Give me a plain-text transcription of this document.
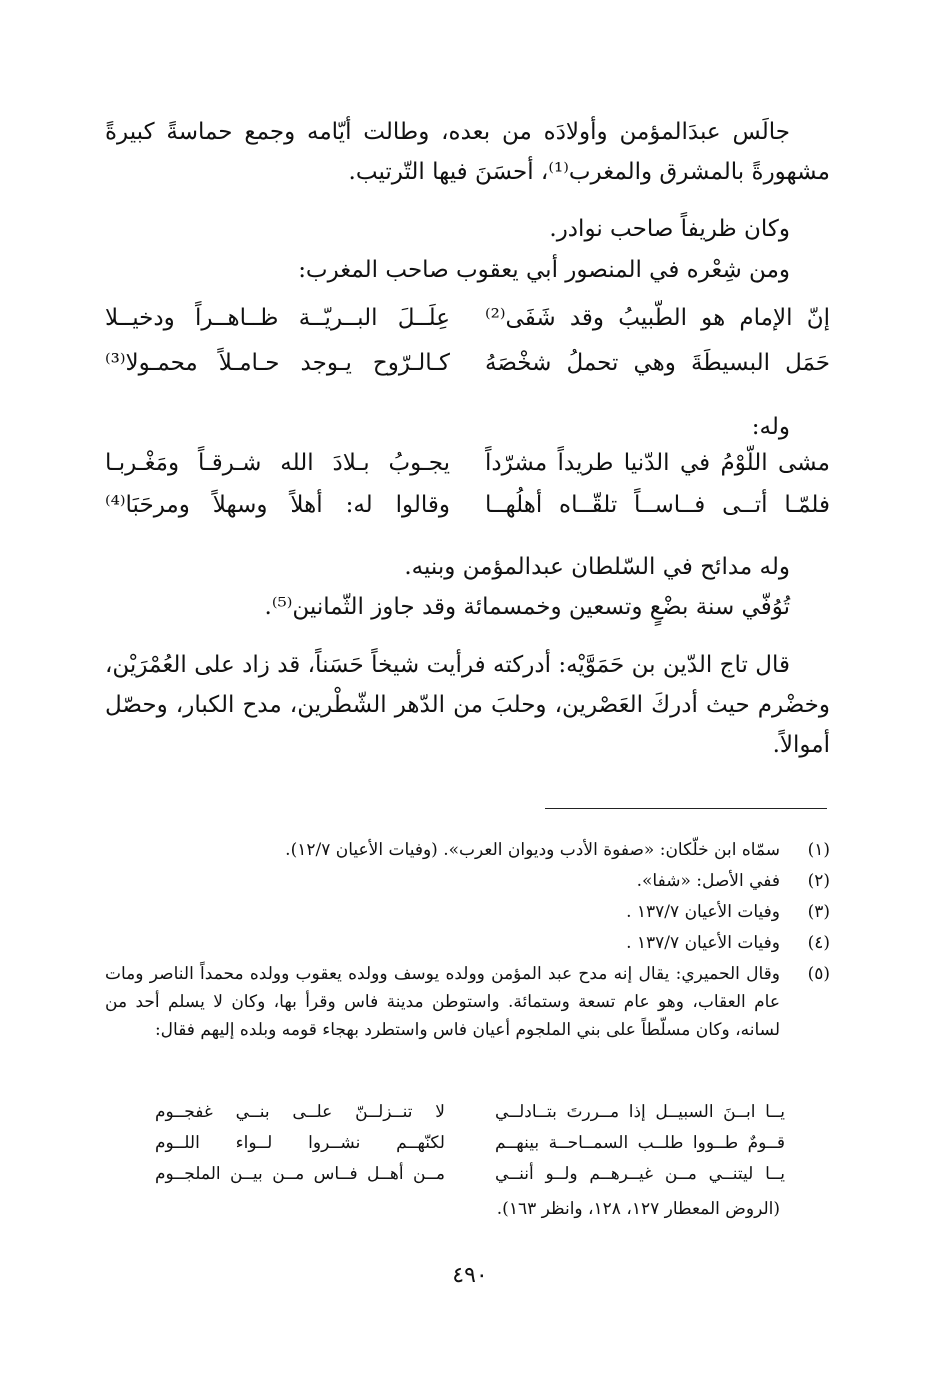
جالَس عبدَالمؤمن وأولادَه من بعده، وطالت أيّامه وجمع حماسةً كبيرةً مشهورةً بالمشرق والمغرب⁽¹⁾، أحسَنَ فيها التّرتيب.
وكان ظريفاً صاحب نوادر.
ومن شِعْره في المنصور أبي يعقوب صاحب المغرب:
إنّ الإمام هو الطّبيبُ وقد شَفَى⁽²⁾
عِلَــلَ البــريّــة ظــاهــراً ودخيــلا
حَمَل البسيطَةَ وهي تحملُ شخْصَهُ
كـالـرّوح يـوجد حـامـلاً محمـولا⁽³⁾
وله:
مشى اللّوْمُ في الدّنيا طريداً مشرّداً
يجـوبُ بـلادَ الله شـرقـاً ومَغْـربـا
فلمّـا أتــى فــاســاً تلقّــاه أهلُهــا
وقالوا له: أهلاً وسهلاً ومرحَبَا⁽⁴⁾
وله مدائح في السّلطان عبدالمؤمن وبنيه.
تُوُفّي سنة بضْعٍ وتسعين وخمسمائة وقد جاوز الثّمانين⁽⁵⁾.
قال تاج الدّين بن حَمَوَّيْه: أدركته فرأيت شيخاً حَسَناً، قد زاد على العُمْرَيْن، وخضْرم حيث أدركَ العَصْرين، وحلبَ من الدّهر الشّطْرين، مدح الكبار، وحصّل أموالاً.
(١)
سمّاه ابن خلّكان: «صفوة الأدب وديوان العرب». (وفيات الأعيان ١٢/٧).
(٢)
ففي الأصل: «شفا».
(٣)
وفيات الأعيان ١٣٧/٧ .
(٤)
وفيات الأعيان ١٣٧/٧ .
(٥)
وقال الحميري: يقال إنه مدح عبد المؤمن وولده يوسف وولده يعقوب وولده محمداً الناصر ومات عام العقاب، وهو عام تسعة وستمائة. واستوطن مدينة فاس وقرأ بها، وكان لا يسلم أحد من لسانه، وكان مسلّطاً على بني الملجوم أعيان فاس واستطرد بهجاء قومه وبلده إليهم فقال:
يــا ابــنَ السبيــل إذا مــررتَ بتــادلــي
لا تنــزلــنّ علــى بنــي غفجــوم
قــومٌ طــووا طلــب السمــاحــة بينهــم
لكنّهــم نشــروا لــواء اللــوم
يــا ليتنــي مــن غيــرهــم ولــو أننــي
مــن أهــل فــاس مــن بيــن الملجــوم
(الروض المعطار ١٢٧، ١٢٨، وانظر ١٦٣).
٤٩٠
